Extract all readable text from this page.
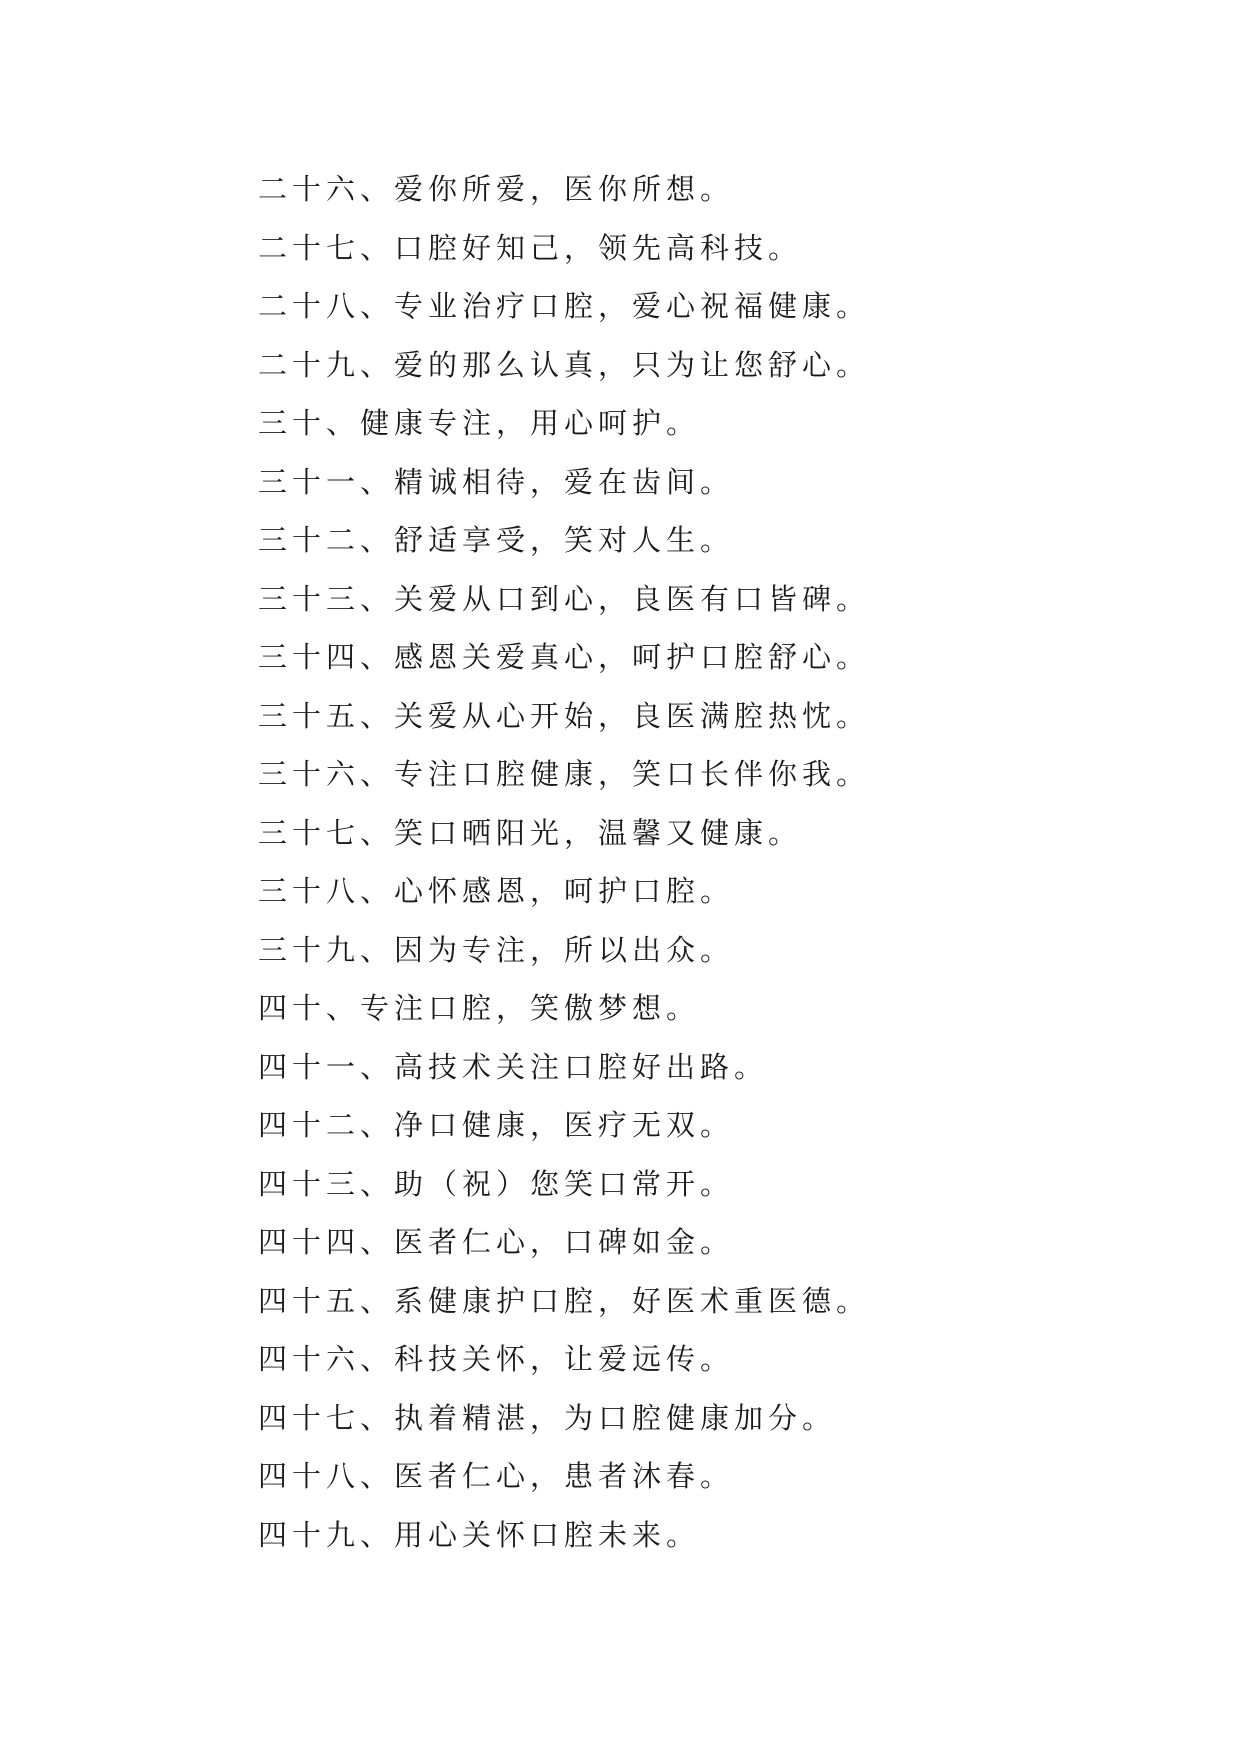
二十六、爱你所爱，医你所想。
二十七、口腔好知己，领先高科技。
二十八、专业治疗口腔，爱心祝福健康。
二十九、爱的那么认真，只为让您舒心。
三十、健康专注，用心呵护。
三十一、精诚相待，爱在齿间。
三十二、舒适享受，笑对人生。
三十三、关爱从口到心，良医有口皆碑。
三十四、感恩关爱真心，呵护口腔舒心。
三十五、关爱从心开始，良医满腔热忱。
三十六、专注口腔健康，笑口长伴你我。
三十七、笑口晒阳光，温馨又健康。
三十八、心怀感恩，呵护口腔。
三十九、因为专注，所以出众。
四十、专注口腔，笑傲梦想。
四十一、高技术关注口腔好出路。
四十二、净口健康，医疗无双。
四十三、助（祝）您笑口常开。
四十四、医者仁心，口碑如金。
四十五、系健康护口腔，好医术重医德。
四十六、科技关怀，让爱远传。
四十七、执着精湛，为口腔健康加分。
四十八、医者仁心，患者沐春。
四十九、用心关怀口腔未来。
